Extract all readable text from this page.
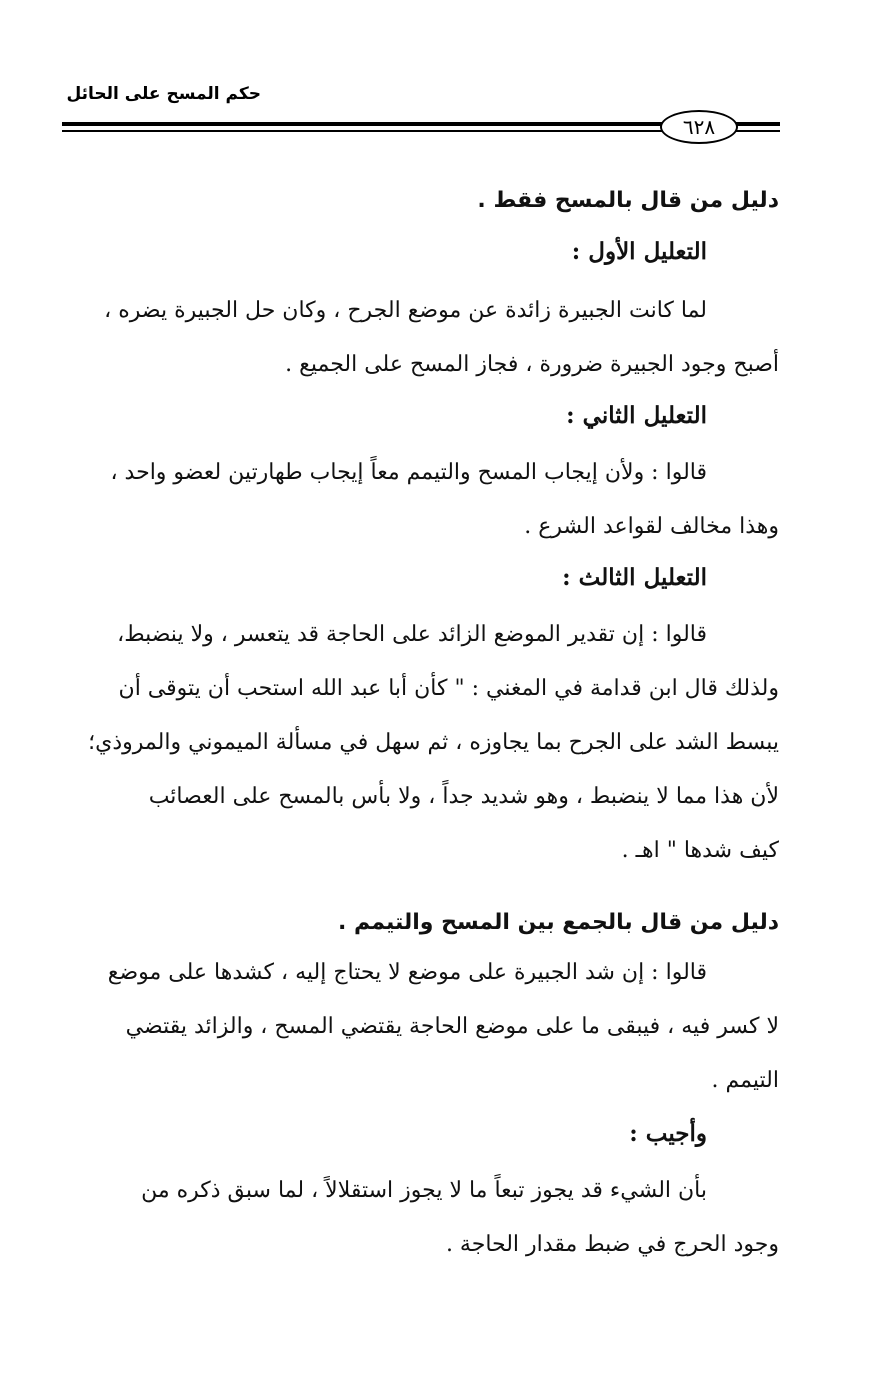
حكم المسح على الحائل
٦٢٨
دليل من قال بالمسح فقط .
التعليل الأول :
لما كانت الجبيرة زائدة عن موضع الجرح ، وكان حل الجبيرة يضره ،
أصبح وجود الجبيرة ضرورة ، فجاز المسح على الجميع .
التعليل الثاني :
قالوا : ولأن إيجاب المسح والتيمم معاً إيجاب طهارتين لعضو واحد ،
وهذا مخالف لقواعد الشرع .
التعليل الثالث :
قالوا : إن تقدير الموضع الزائد على الحاجة قد يتعسر ، ولا ينضبط،
ولذلك قال ابن قدامة في المغني : " كأن أبا عبد الله استحب أن يتوقى أن
يبسط الشد على الجرح بما يجاوزه ، ثم سهل في مسألة الميموني والمروذي؛
لأن هذا مما لا ينضبط ، وهو شديد جداً ، ولا بأس بالمسح على العصائب
كيف شدها " اهـ .
دليل من قال بالجمع بين المسح والتيمم .
قالوا : إن شد الجبيرة على موضع لا يحتاج إليه ، كشدها على موضع
لا كسر فيه ، فيبقى ما على موضع الحاجة يقتضي المسح ، والزائد يقتضي
التيمم .
وأجيب :
بأن الشيء قد يجوز تبعاً ما لا يجوز استقلالاً ، لما سبق ذكره من
وجود الحرج في ضبط مقدار الحاجة .
